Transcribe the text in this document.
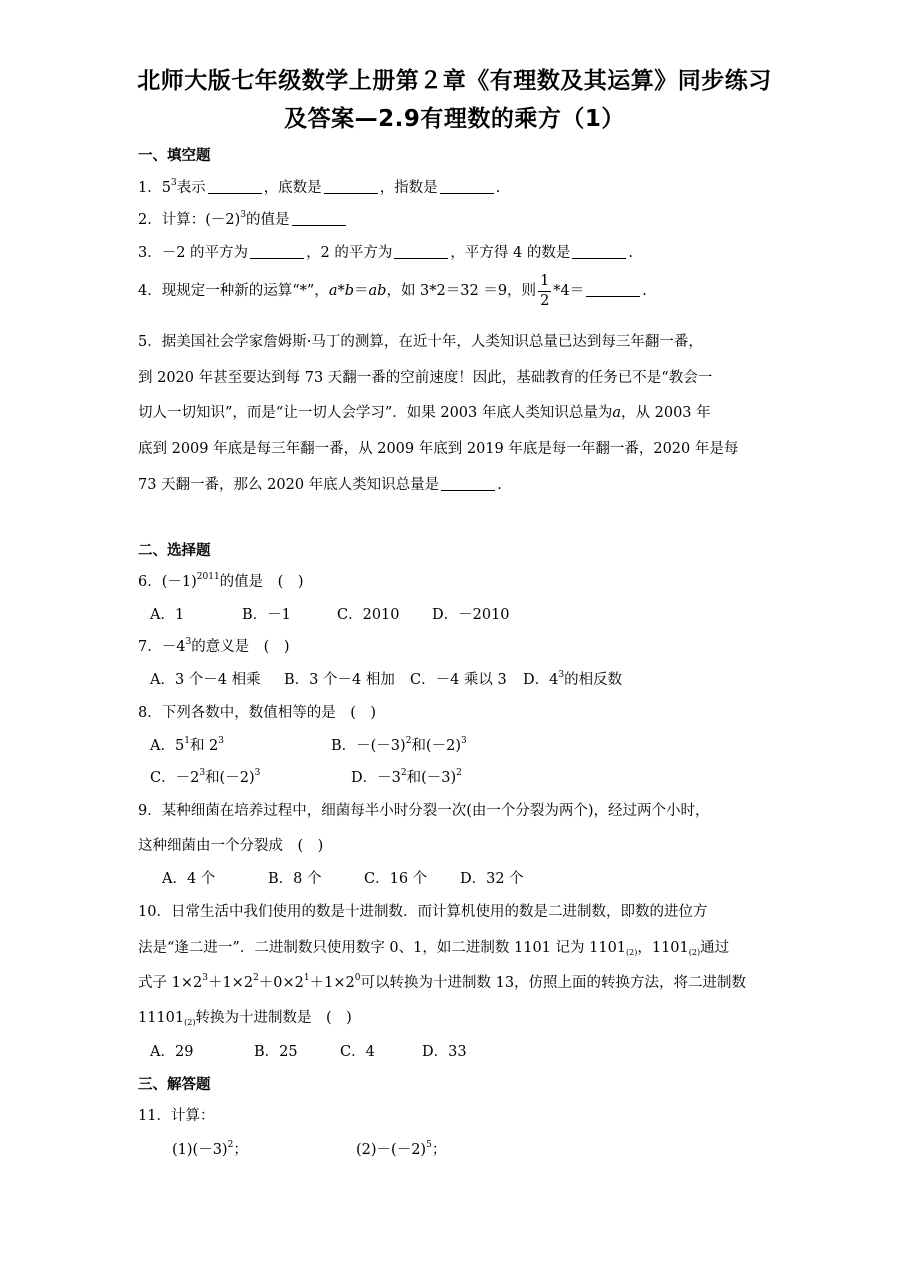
北师大版七年级数学上册第２章《有理数及其运算》同步练习
及答案—2.9有理数的乘方（1）
一、填空题
1．$5^3$表示	，底数是	，指数是	.
2．计算：$(-2)^3$的值是
3．－2 的平方为	，2 的平方为	，平方得 4 的数是	.
4．现规定一种新的运算“*”，a*b＝ab，如 3*2＝32 ＝9，则 $\frac{1}{2} *4=$	.
5．据美国社会学家詹姆斯·马丁的测算，在近十年，人类知识总量已达到每三年翻一番，
到 2020 年甚至要达到每 73 天翻一番的空前速度！因此，基础教育的任务已不是“教会一
切人一切知识”，而是“让一切人会学习”．如果 2003 年底人类知识总量为a，从 2003 年
底到 2009 年底是每三年翻一番，从 2009 年底到 2019 年底是每一年翻一番，2020 年是每
73 天翻一番，那么 2020 年底人类知识总量是	.
二、选择题
6．$(-1)^{2011}$的值是　(　)
A．1	B．－1	C．2010 D．－2010
7．$-4^3$的意义是　(　)
A．3 个－4 相乘 B．3 个－4 相加 C．－4 乘以 3 D．$4^3$的相反数
8．下列各数中，数值相等的是　(　)
A．$5^1$和 $2^3$	B．$-(-3)^2$和$(-2)^3$
C．$-2^3$和$(-2)^3$	D．$-3^2$和$(-3)^2$
9．某种细菌在培养过程中，细菌每半小时分裂一次(由一个分裂为两个)，经过两个小时，
这种细菌由一个分裂成　(　)
A．4 个	B．8 个	C．16 个 D．32 个
10．日常生活中我们使用的数是十进制数．而计算机使用的数是二进制数，即数的进位方
法是“逢二进一”．二进制数只使用数字 0、1，如二进制数 1101 记为 $1101_{(2)}$，$1101_{(2)}$通过
式子 $1\times 2^3+1\times 2^2+0\times 2^1+1\times 2^0$可以转换为十进制数 13，仿照上面的转换方法，将二进制数
$11101_{(2)}$转换为十进制数是　(　)
A．29	B．25	C．4	D．33
三、解答题
11．计算：
$(1)(-3)^2$；	$(2)-(-2)^5$；
